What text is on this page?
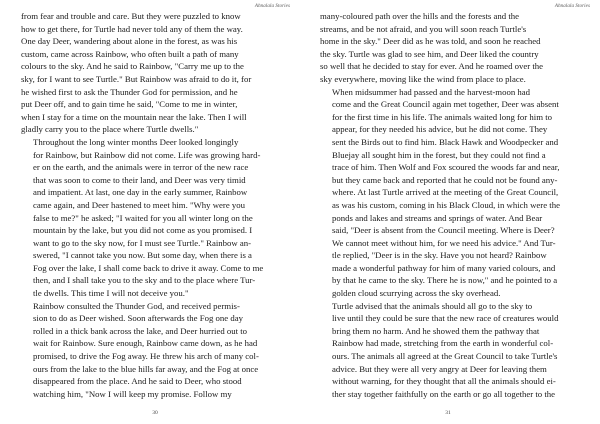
Ahnalala Stories

from fear and trouble and care. But they were puzzled to know
how to get there, for Turtle had never told any of them the way.
One day Deer, wandering about alone in the forest, as was his
custom, came across Rainbow, who often built a path of many
colours to the sky. And he said to Rainbow, "Carry me up to the
sky, for I want to see Turtle." But Rainbow was afraid to do it, for
he wished first to ask the Thunder God for permission, and he
put Deer off, and to gain time he said, "Come to me in winter,
when I stay for a time on the mountain near the lake. Then I will
gladly carry you to the place where Turtle dwells."

Throughout the long winter months Deer looked longingly
for Rainbow, but Rainbow did not come. Life was growing hard-
er on the earth, and the animals were in terror of the new race
that was soon to come to their land, and Deer was very timid
and impatient. At last, one day in the early summer, Rainbow
came again, and Deer hastened to meet him. "Why were you
false to me?" he asked; "I waited for you all winter long on the
mountain by the lake, but you did not come as you promised. I
want to go to the sky now, for I must see Turtle." Rainbow an-
swered, "I cannot take you now. But some day, when there is a
Fog over the lake, I shall come back to drive it away. Come to me
then, and I shall take you to the sky and to the place where Tur-
tle dwells. This time I will not deceive you."

Rainbow consulted the Thunder God, and received permis-
sion to do as Deer wished. Soon afterwards the Fog one day
rolled in a thick bank across the lake, and Deer hurried out to
wait for Rainbow. Sure enough, Rainbow came down, as he had
promised, to drive the Fog away. He threw his arch of many col-
ours from the lake to the blue hills far away, and the Fog at once
disappeared from the place. And he said to Deer, who stood
watching him, "Now I will keep my promise. Follow my

30
Ahnalala Stories

many-coloured path over the hills and the forests and the
streams, and be not afraid, and you will soon reach Turtle's
home in the sky." Deer did as he was told, and soon he reached
the sky. Turtle was glad to see him, and Deer liked the country
so well that he decided to stay for ever. And he roamed over the
sky everywhere, moving like the wind from place to place.

When midsummer had passed and the harvest-moon had
come and the Great Council again met together, Deer was absent
for the first time in his life. The animals waited long for him to
appear, for they needed his advice, but he did not come. They
sent the Birds out to find him. Black Hawk and Woodpecker and
Bluejay all sought him in the forest, but they could not find a
trace of him. Then Wolf and Fox scoured the woods far and near,
but they came back and reported that he could not be found any-
where. At last Turtle arrived at the meeting of the Great Council,
as was his custom, coming in his Black Cloud, in which were the
ponds and lakes and streams and springs of water. And Bear
said, "Deer is absent from the Council meeting. Where is Deer?
We cannot meet without him, for we need his advice." And Tur-
tle replied, "Deer is in the sky. Have you not heard? Rainbow
made a wonderful pathway for him of many varied colours, and
by that he came to the sky. There he is now," and he pointed to a
golden cloud scurrying across the sky overhead.

Turtle advised that the animals should all go to the sky to
live until they could be sure that the new race of creatures would
bring them no harm. And he showed them the pathway that
Rainbow had made, stretching from the earth in wonderful col-
ours. The animals all agreed at the Great Council to take Turtle's
advice. But they were all very angry at Deer for leaving them
without warning, for they thought that all the animals should ei-
ther stay together faithfully on the earth or go all together to the

31
